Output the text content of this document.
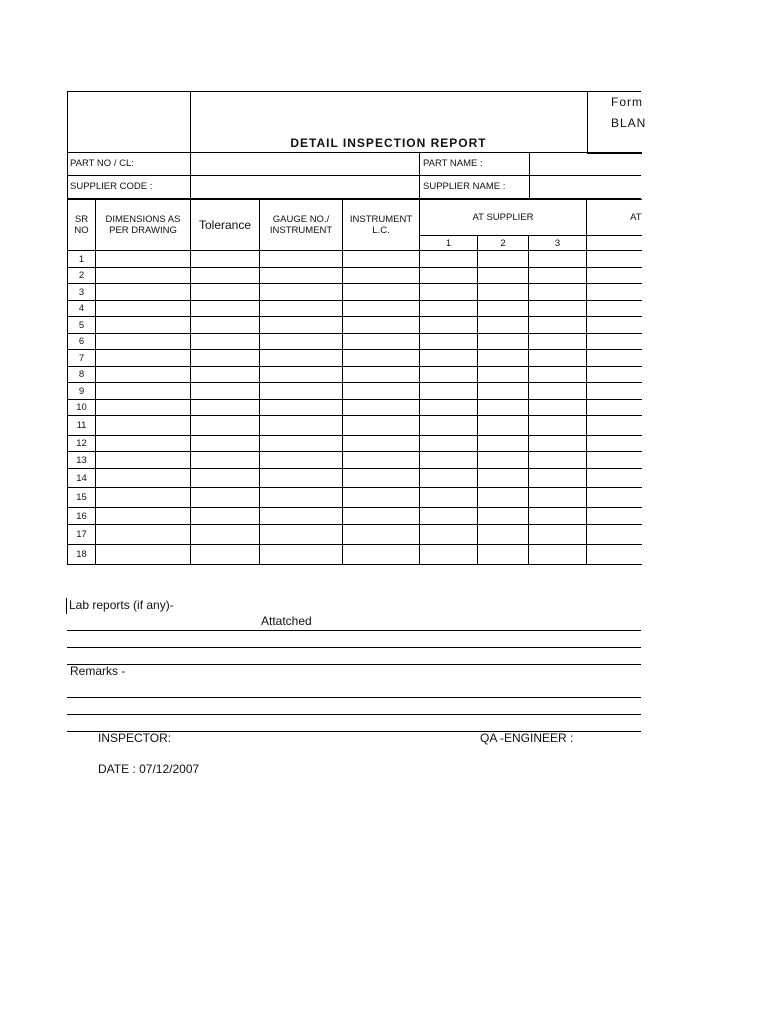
DETAIL INSPECTION REPORT
Form
BLAN
PART NO / CL:	PART NAME :
SUPPLIER CODE :	SUPPLIER NAME :
SR NO	DIMENSIONS AS PER DRAWING	Tolerance	GAUGE NO./ INSTRUMENT	INSTRUMENT L.C.	AT SUPPLIER			AT
					1	2	3	
1								
2								
3								
4								
5								
6								
7								
8								
9								
10								
11								
12								
13								
14								
15								
16								
17								
18								
Lab reports (if any)-
Attatched
Remarks -
INSPECTOR:	QA -ENGINEER :
DATE : 07/12/2007
